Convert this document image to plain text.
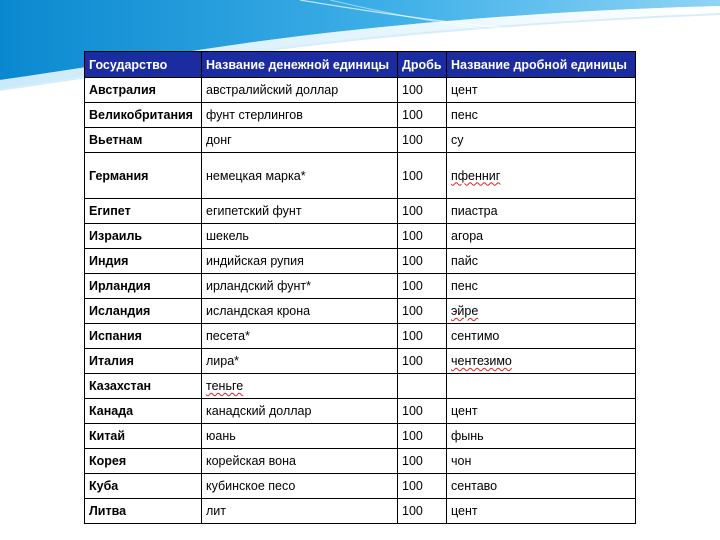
Государство	Название денежной единицы	Дробь	Название дробной единицы
Австралия	австралийский доллар	100	цент
Великобритания	фунт стерлингов	100	пенс
Вьетнам	донг	100	су
Германия	немецкая марка*	100	пфенниг
Египет	египетский фунт	100	пиастра
Израиль	шекель	100	агора
Индия	индийская рупия	100	пайс
Ирландия	ирландский фунт*	100	пенс
Исландия	исландская крона	100	эйре
Испания	песета*	100	сентимо
Италия	лира*	100	чентезимо
Казахстан	теньге		
Канада	канадский доллар	100	цент
Китай	юань	100	фынь
Корея	корейская вона	100	чон
Куба	кубинское песо	100	сентаво
Литва	лит	100	цент
